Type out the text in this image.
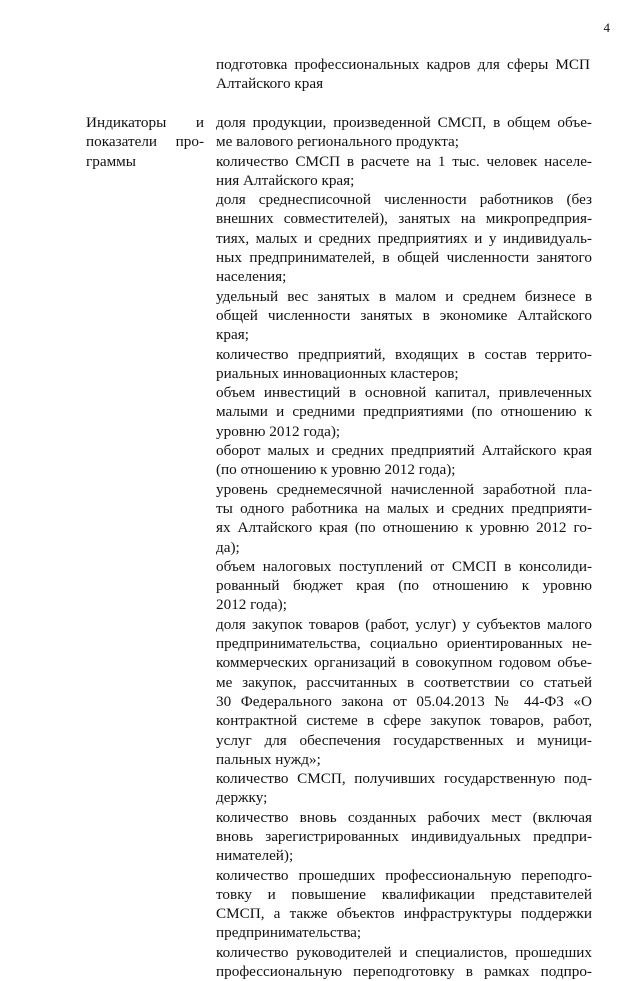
4
подготовка профессиональных кадров для сферы МСП
Алтайского края
Индикаторы и
показатели про-
граммы
доля продукции, произведенной СМСП, в общем объе-
ме валового регионального продукта;
количество СМСП в расчете на 1 тыс. человек населе-
ния Алтайского края;
доля среднесписочной численности работников (без
внешних совместителей), занятых на микропредприя-
тиях, малых и средних предприятиях и у индивидуаль-
ных предпринимателей, в общей численности занятого
населения;
удельный вес занятых в малом и среднем бизнесе в
общей численности занятых в экономике Алтайского
края;
количество предприятий, входящих в состав террито-
риальных инновационных кластеров;
объем инвестиций в основной капитал, привлеченных
малыми и средними предприятиями (по отношению к
уровню 2012 года);
оборот малых и средних предприятий Алтайского края
(по отношению к уровню 2012 года);
уровень среднемесячной начисленной заработной пла-
ты одного работника на малых и средних предприяти-
ях Алтайского края (по отношению к уровню 2012 го-
да);
объем налоговых поступлений от СМСП в консолиди-
рованный бюджет края (по отношению к уровню
2012 года);
доля закупок товаров (работ, услуг) у субъектов малого
предпринимательства, социально ориентированных не-
коммерческих организаций в совокупном годовом объе-
ме закупок, рассчитанных в соответствии со статьей
30 Федерального закона от 05.04.2013 № 44-ФЗ «О
контрактной системе в сфере закупок товаров, работ,
услуг для обеспечения государственных и муници-
пальных нужд»;
количество СМСП, получивших государственную под-
держку;
количество вновь созданных рабочих мест (включая
вновь зарегистрированных индивидуальных предпри-
нимателей);
количество прошедших профессиональную переподго-
товку и повышение квалификации представителей
СМСП, а также объектов инфраструктуры поддержки
предпринимательства;
количество руководителей и специалистов, прошедших
профессиональную переподготовку в рамках подпро-
